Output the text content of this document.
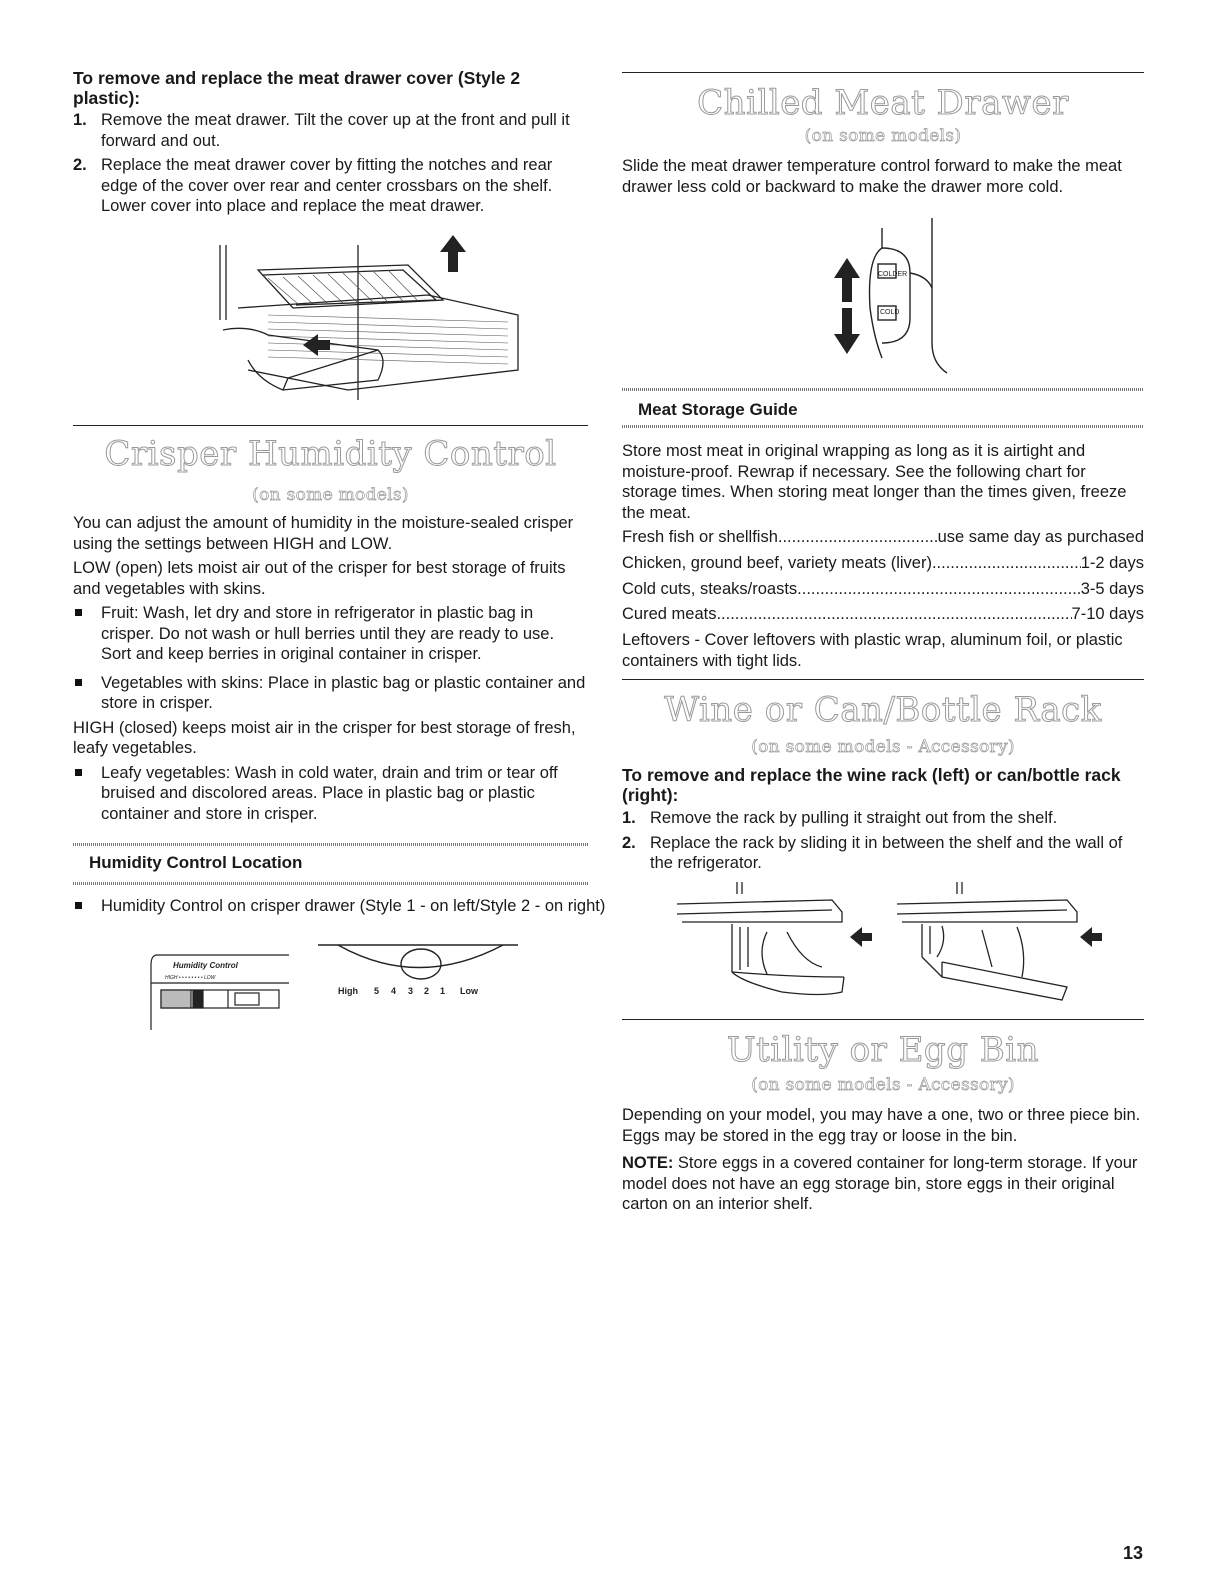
To remove and replace the meat drawer cover (Style 2 plastic):
1. Remove the meat drawer. Tilt the cover up at the front and pull it forward and out.
2. Replace the meat drawer cover by fitting the notches and rear edge of the cover over rear and center crossbars on the shelf. Lower cover into place and replace the meat drawer.
Crisper Humidity Control
(on some models)

You can adjust the amount of humidity in the moisture-sealed crisper using the settings between HIGH and LOW.

LOW (open) lets moist air out of the crisper for best storage of fruits and vegetables with skins.

Fruit: Wash, let dry and store in refrigerator in plastic bag in crisper. Do not wash or hull berries until they are ready to use. Sort and keep berries in original container in crisper.
Vegetables with skins: Place in plastic bag or plastic container and store in crisper.

HIGH (closed) keeps moist air in the crisper for best storage of fresh, leafy vegetables.

Leafy vegetables: Wash in cold water, drain and trim or tear off bruised and discolored areas. Place in plastic bag or plastic container and store in crisper.
Humidity Control Location
Humidity Control on crisper drawer (Style 1 - on left/Style 2 - on right)
Humidity Control
HIGH • • • • • • • • LOW
High 5 4 3 2 1 Low
Chilled Meat Drawer
(on some models)

Slide the meat drawer temperature control forward to make the meat drawer less cold or backward to make the drawer more cold.

COLDER
COLD
Meat Storage Guide

Store most meat in original wrapping as long as it is airtight and moisture-proof. Rewrap if necessary. See the following chart for storage times. When storing meat longer than the times given, freeze the meat.

Fresh fish or shellfish .....	use same day as purchased
Chicken, ground beef, variety meats (liver) .....	1-2 days
Cold cuts, steaks/roasts .....	3-5 days
Cured meats .....	7-10 days

Leftovers - Cover leftovers with plastic wrap, aluminum foil, or plastic containers with tight lids.

Wine or Can/Bottle Rack
(on some models - Accessory)
To remove and replace the wine rack (left) or can/bottle rack (right):
1. Remove the rack by pulling it straight out from the shelf.
2. Replace the rack by sliding it in between the shelf and the wall of the refrigerator.
Utility or Egg Bin
(on some models - Accessory)

Depending on your model, you may have a one, two or three piece bin. Eggs may be stored in the egg tray or loose in the bin.

NOTE: Store eggs in a covered container for long-term storage. If your model does not have an egg storage bin, store eggs in their original carton on an interior shelf.

13
